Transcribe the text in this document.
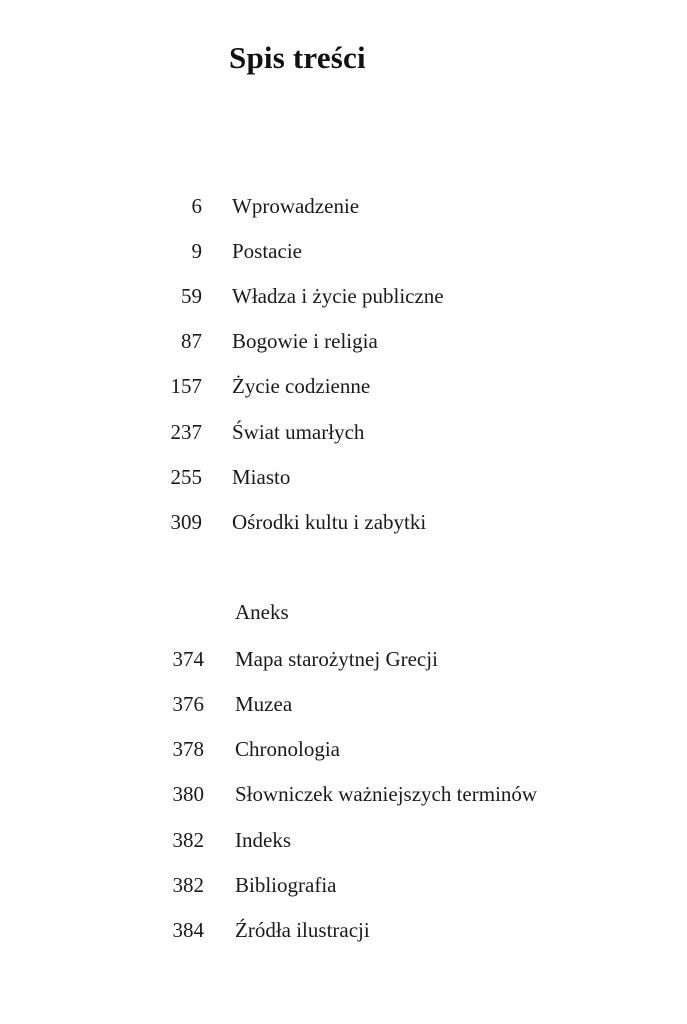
Spis treści
6 Wprowadzenie
9 Postacie
59 Władza i życie publiczne
87 Bogowie i religia
157 Życie codzienne
237 Świat umarłych
255 Miasto
309 Ośrodki kultu i zabytki
Aneks
374 Mapa starożytnej Grecji
376 Muzea
378 Chronologia
380 Słowniczek ważniejszych terminów
382 Indeks
382 Bibliografia
384 Źródła ilustracji
